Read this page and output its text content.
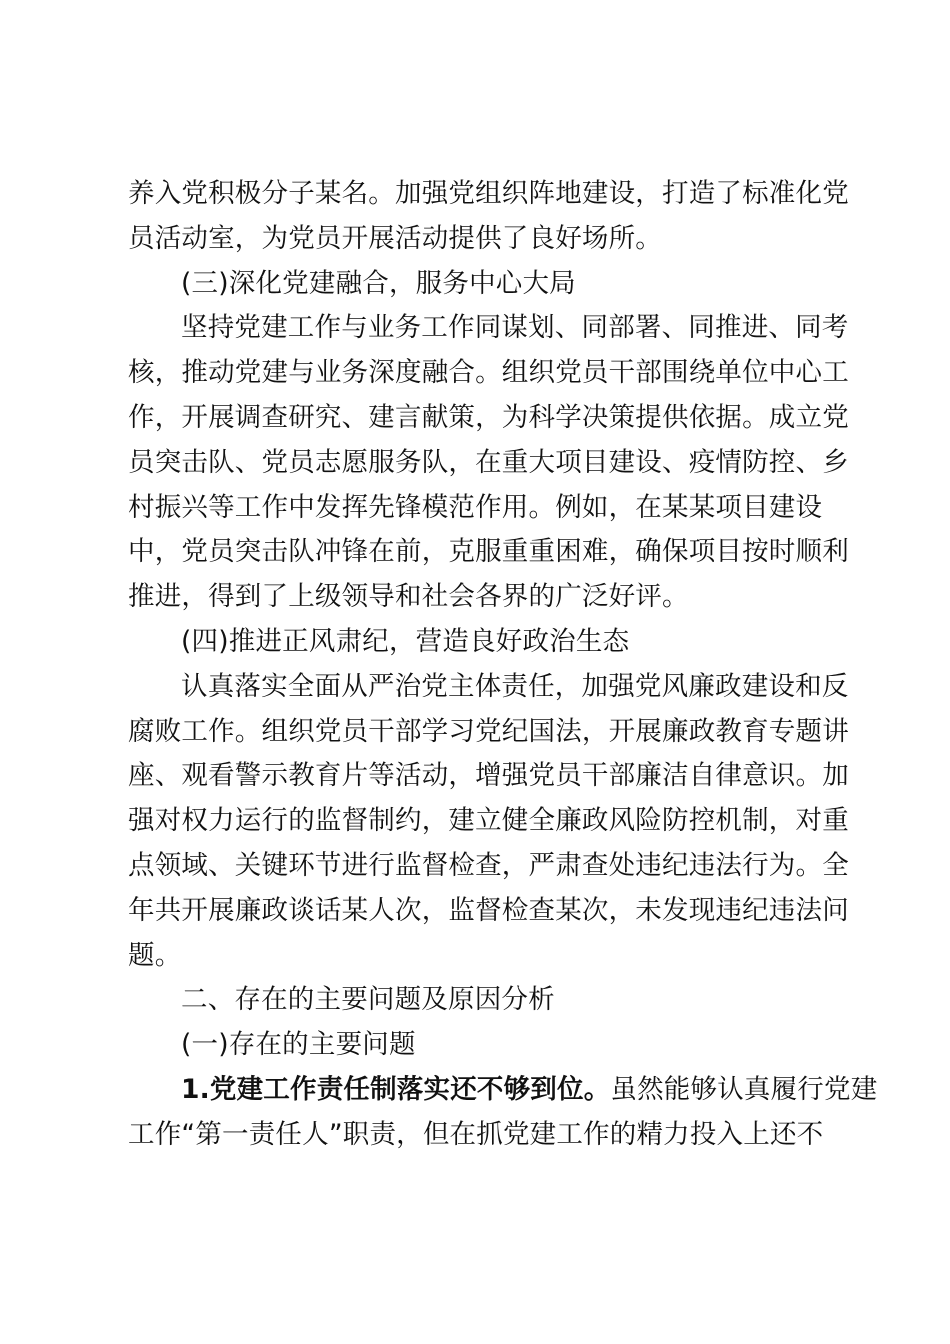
养入党积极分子某名。加强党组织阵地建设，打造了标准化党
员活动室，为党员开展活动提供了良好场所。
(三)深化党建融合，服务中心大局
坚持党建工作与业务工作同谋划、同部署、同推进、同考
核，推动党建与业务深度融合。组织党员干部围绕单位中心工
作，开展调查研究、建言献策，为科学决策提供依据。成立党
员突击队、党员志愿服务队，在重大项目建设、疫情防控、乡
村振兴等工作中发挥先锋模范作用。例如，在某某项目建设
中，党员突击队冲锋在前，克服重重困难，确保项目按时顺利
推进，得到了上级领导和社会各界的广泛好评。
(四)推进正风肃纪，营造良好政治生态
认真落实全面从严治党主体责任，加强党风廉政建设和反
腐败工作。组织党员干部学习党纪国法，开展廉政教育专题讲
座、观看警示教育片等活动，增强党员干部廉洁自律意识。加
强对权力运行的监督制约，建立健全廉政风险防控机制，对重
点领域、关键环节进行监督检查，严肃查处违纪违法行为。全
年共开展廉政谈话某人次，监督检查某次，未发现违纪违法问
题。
二、存在的主要问题及原因分析
(一)存在的主要问题
1.党建工作责任制落实还不够到位。虽然能够认真履行党建
工作“第一责任人”职责，但在抓党建工作的精力投入上还不
